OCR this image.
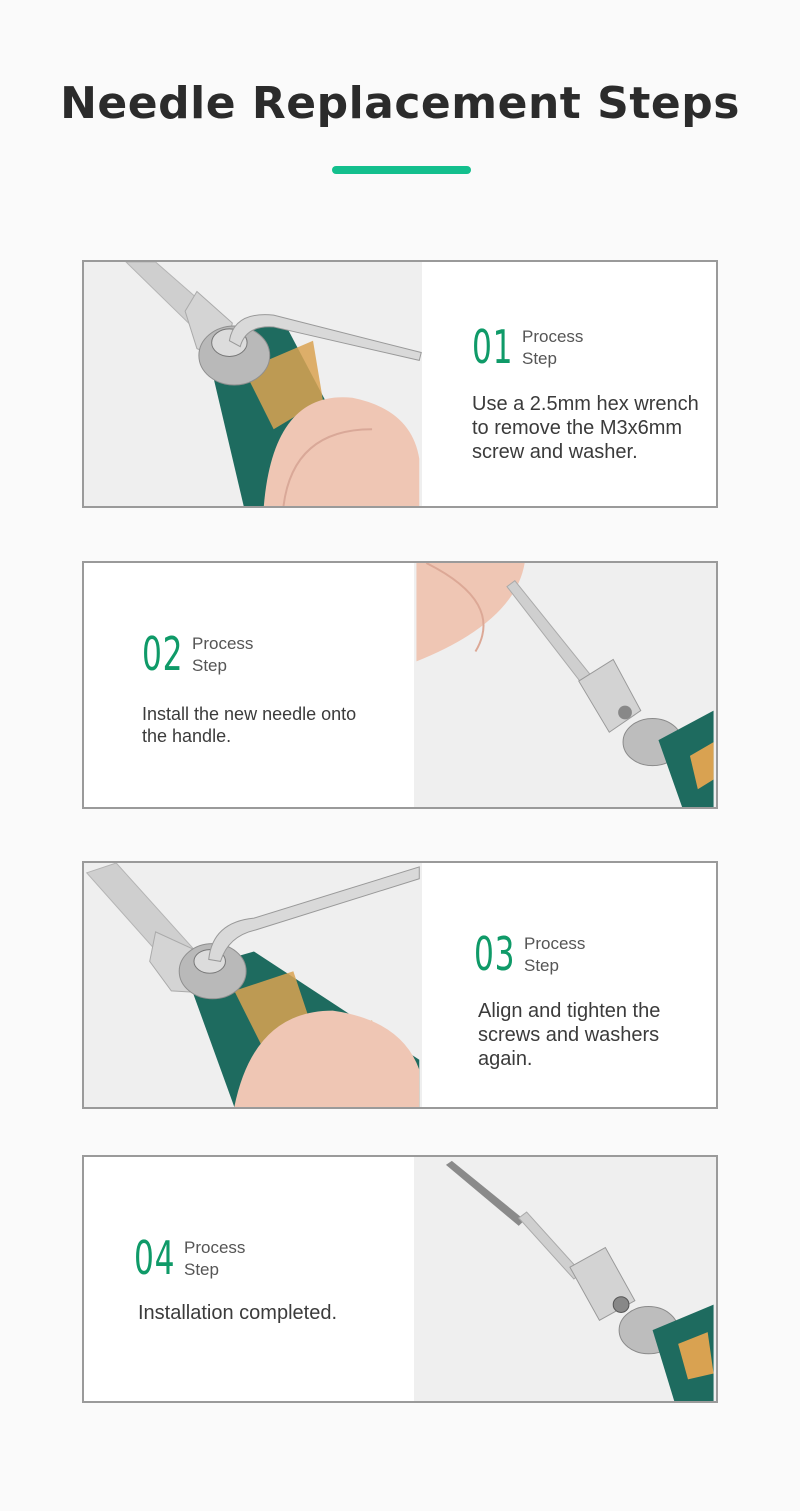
Needle Replacement Steps
01 Process
Step
Use a 2.5mm hex wrench to remove the M3x6mm screw and washer.
02 Process
Step
Install the new needle onto the handle.
03 Process
Step
Align and tighten the screws and washers again.
04 Process
Step
Installation completed.
